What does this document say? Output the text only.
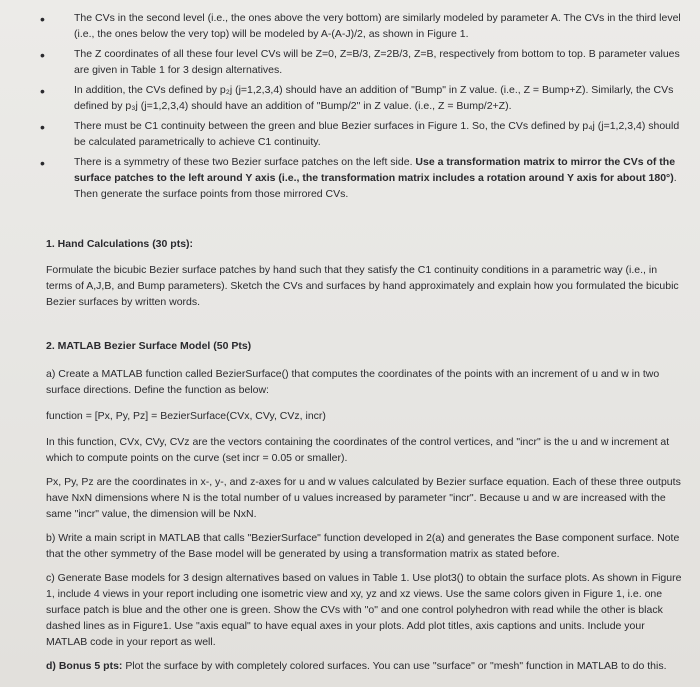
•	The CVs in the second level (i.e., the ones above the very bottom) are similarly modeled by parameter A. The CVs in the third level (i.e., the ones below the very top) will be modeled by A-(A-J)/2, as shown in Figure 1.
•	The Z coordinates of all these four level CVs will be Z=0, Z=B/3, Z=2B/3, Z=B, respectively from bottom to top. B parameter values are given in Table 1 for 3 design alternatives.
•	In addition, the CVs defined by p₂j (j=1,2,3,4) should have an addition of "Bump" in Z value. (i.e., Z = Bump+Z). Similarly, the CVs defined by p₃j (j=1,2,3,4) should have an addition of "Bump/2" in Z value. (i.e., Z = Bump/2+Z).
•	There must be C1 continuity between the green and blue Bezier surfaces in Figure 1. So, the CVs defined by p₄j (j=1,2,3,4) should be calculated parametrically to achieve C1 continuity.
•	There is a symmetry of these two Bezier surface patches on the left side. Use a transformation matrix to mirror the CVs of the surface patches to the left around Y axis (i.e., the transformation matrix includes a rotation around Y axis for about 180°). Then generate the surface points from those mirrored CVs.
1. Hand Calculations (30 pts):
Formulate the bicubic Bezier surface patches by hand such that they satisfy the C1 continuity conditions in a parametric way (i.e., in terms of A,J,B, and Bump parameters). Sketch the CVs and surfaces by hand approximately and explain how you formulated the bicubic Bezier surfaces by written words.
2. MATLAB Bezier Surface Model (50 Pts)
a) Create a MATLAB function called BezierSurface() that computes the coordinates of the points with an increment of u and w in two surface directions. Define the function as below:
function = [Px, Py, Pz] = BezierSurface(CVx, CVy, CVz, incr)
In this function, CVx, CVy, CVz are the vectors containing the coordinates of the control vertices, and "incr" is the u and w increment at which to compute points on the curve (set incr = 0.05 or smaller).
Px, Py, Pz are the coordinates in x-, y-, and z-axes for u and w values calculated by Bezier surface equation. Each of these three outputs have NxN dimensions where N is the total number of u values increased by parameter "incr". Because u and w are increased with the same "incr" value, the dimension will be NxN.
b) Write a main script in MATLAB that calls "BezierSurface" function developed in 2(a) and generates the Base component surface. Note that the other symmetry of the Base model will be generated by using a transformation matrix as stated before.
c) Generate Base models for 3 design alternatives based on values in Table 1. Use plot3() to obtain the surface plots. As shown in Figure 1, include 4 views in your report including one isometric view and xy, yz and xz views. Use the same colors given in Figure 1, i.e. one surface patch is blue and the other one is green. Show the CVs with "o" and one control polyhedron with read while the other is black dashed lines as in Figure1. Use "axis equal" to have equal axes in your plots. Add plot titles, axis captions and units. Include your MATLAB code in your report as well.
d) Bonus 5 pts: Plot the surface by with completely colored surfaces. You can use "surface" or "mesh" function in MATLAB to do this.
